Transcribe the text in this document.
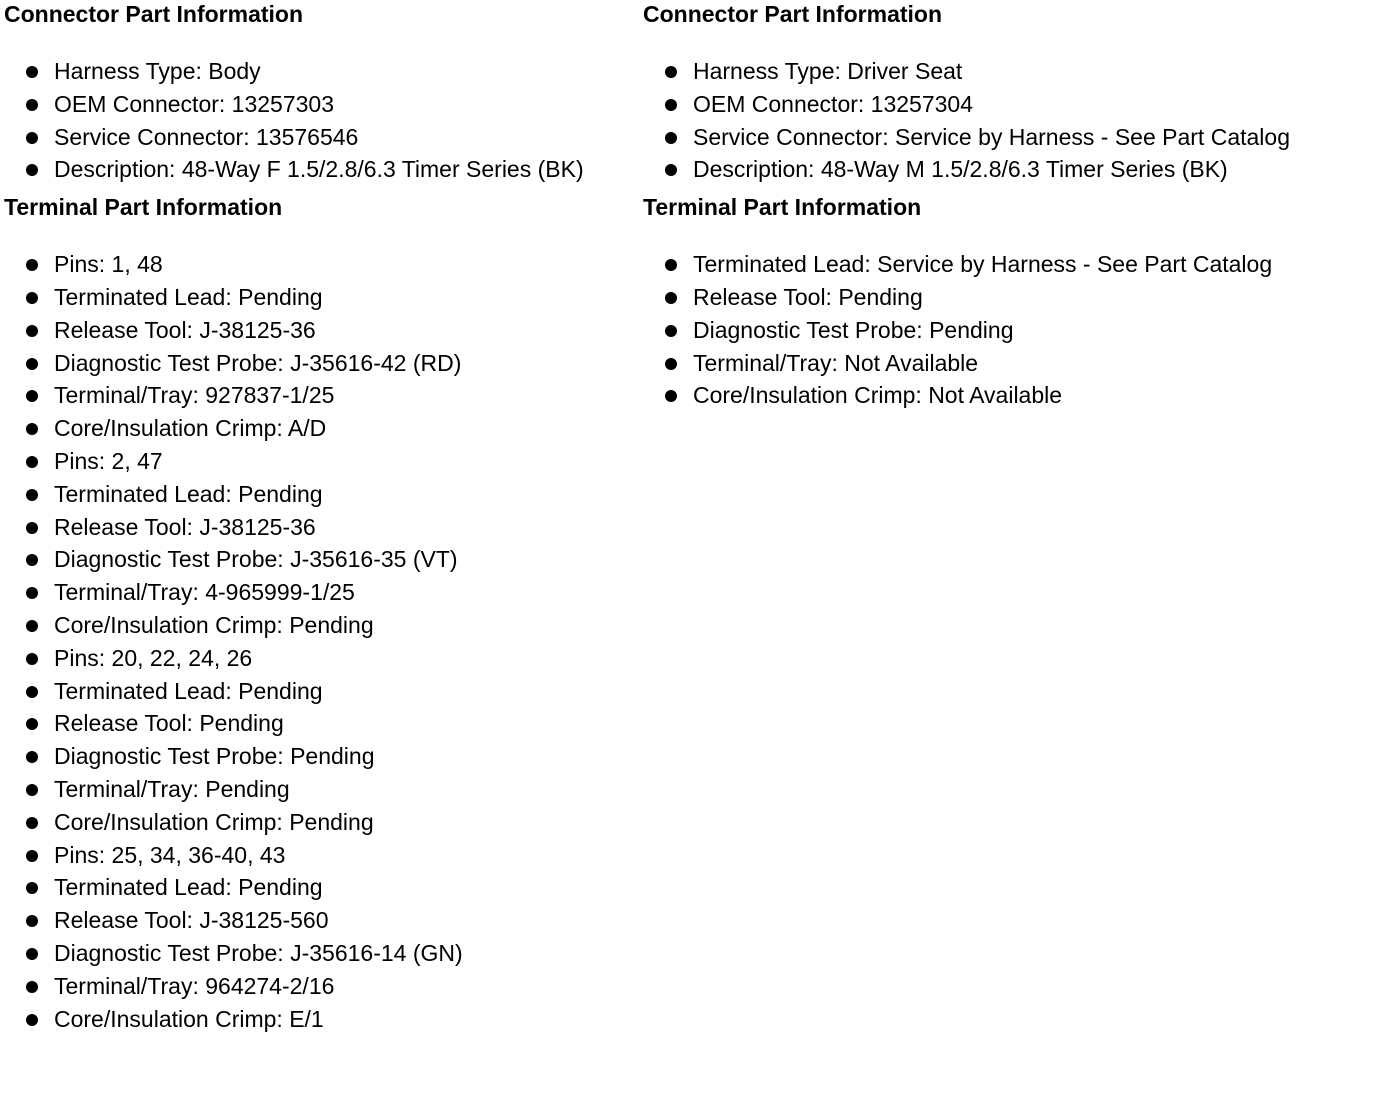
Connector Part Information
Harness Type: Body
OEM Connector: 13257303
Service Connector: 13576546
Description: 48-Way F 1.5/2.8/6.3 Timer Series (BK)
Terminal Part Information
Pins: 1, 48
Terminated Lead: Pending
Release Tool: J-38125-36
Diagnostic Test Probe: J-35616-42 (RD)
Terminal/Tray: 927837-1/25
Core/Insulation Crimp: A/D
Pins: 2, 47
Terminated Lead: Pending
Release Tool: J-38125-36
Diagnostic Test Probe: J-35616-35 (VT)
Terminal/Tray: 4-965999-1/25
Core/Insulation Crimp: Pending
Pins: 20, 22, 24, 26
Terminated Lead: Pending
Release Tool: Pending
Diagnostic Test Probe: Pending
Terminal/Tray: Pending
Core/Insulation Crimp: Pending
Pins: 25, 34, 36-40, 43
Terminated Lead: Pending
Release Tool: J-38125-560
Diagnostic Test Probe: J-35616-14 (GN)
Terminal/Tray: 964274-2/16
Core/Insulation Crimp: E/1
Connector Part Information
Harness Type: Driver Seat
OEM Connector: 13257304
Service Connector: Service by Harness - See Part Catalog
Description: 48-Way M 1.5/2.8/6.3 Timer Series (BK)
Terminal Part Information
Terminated Lead: Service by Harness - See Part Catalog
Release Tool: Pending
Diagnostic Test Probe: Pending
Terminal/Tray: Not Available
Core/Insulation Crimp: Not Available
